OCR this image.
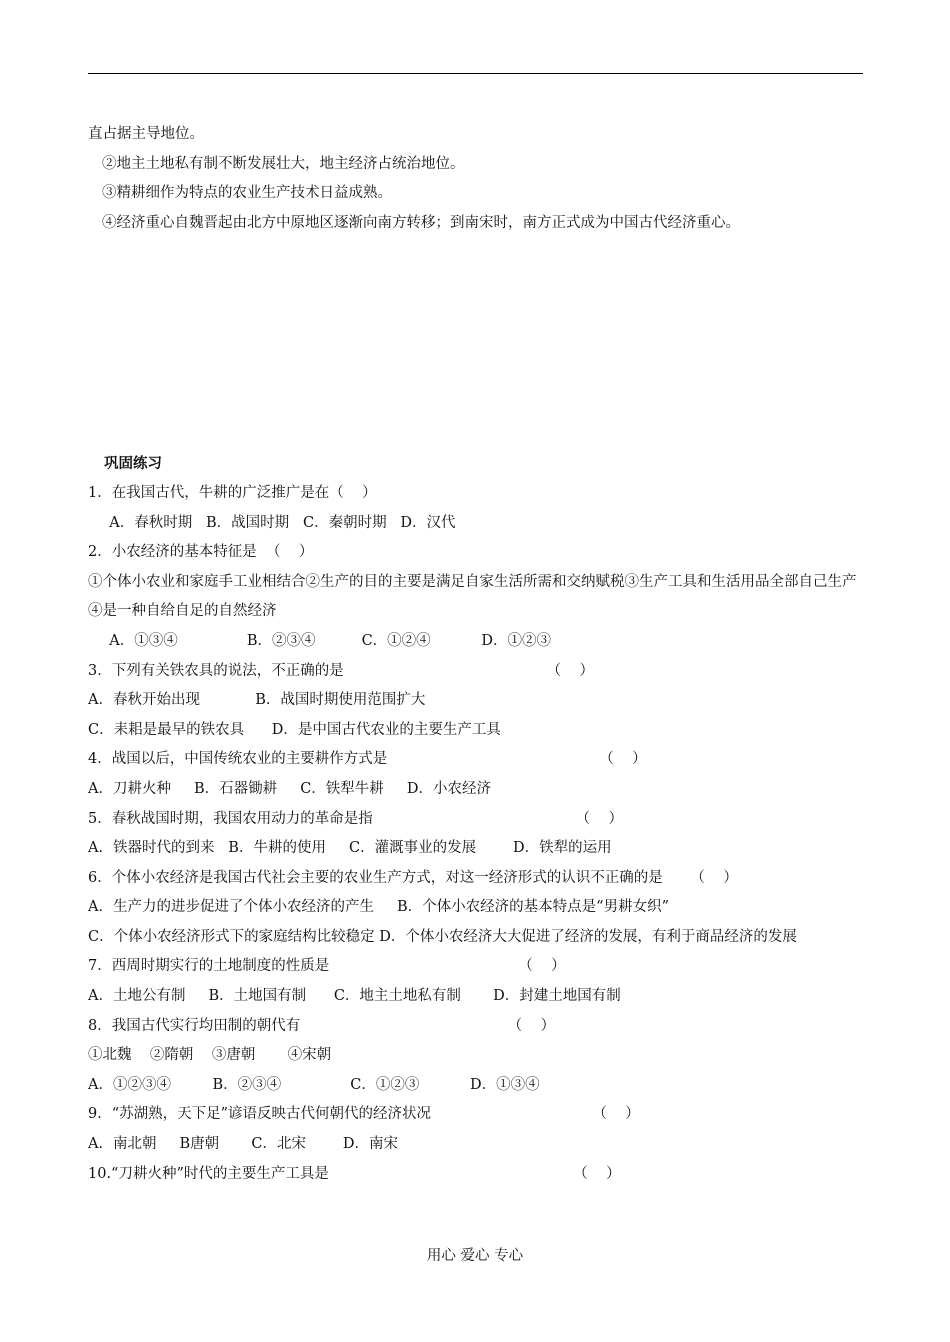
直占据主导地位。
②地主土地私有制不断发展壮大，地主经济占统治地位。
③精耕细作为特点的农业生产技术日益成熟。
④经济重心自魏晋起由北方中原地区逐渐向南方转移；到南宋时，南方正式成为中国古代经济重心。
巩固练习
1．在我国古代，牛耕的广泛推广是在（    ）
A．春秋时期   B．战国时期   C．秦朝时期   D．汉代
2．小农经济的基本特征是  （    ）
①个体小农业和家庭手工业相结合②生产的目的主要是满足自家生活所需和交纳赋税③生产工具和生活用品全部自己生产 ④是一种自给自足的自然经济
A．①③④               B．②③④          C．①②④           D．①②③
3．下列有关铁农具的说法，不正确的是                                            （    ）
A．春秋开始出现            B．战国时期使用范围扩大
C．耒耜是最早的铁农具      D．是中国古代农业的主要生产工具
4．战国以后，中国传统农业的主要耕作方式是                                              （    ）
A．刀耕火种     B．石器锄耕     C．铁犁牛耕     D．小农经济
5．春秋战国时期，我国农用动力的革命是指                                            （    ）
A．铁器时代的到来   B．牛耕的使用     C．灌溉事业的发展        D．铁犁的运用
6．个体小农经济是我国古代社会主要的农业生产方式，对这一经济形式的认识不正确的是      （    ）
A．生产力的进步促进了个体小农经济的产生     B．个体小农经济的基本特点是“男耕女织”
C．个体小农经济形式下的家庭结构比较稳定 D．个体小农经济大大促进了经济的发展，有利于商品经济的发展
7．西周时期实行的土地制度的性质是                                         （    ）
A．土地公有制     B．土地国有制      C．地主土地私有制       D．封建土地国有制
8．我国古代实行均田制的朝代有                                             （    ）
①北魏    ②隋朝    ③唐朝       ④宋朝
A．①②③④         B．②③④               C．①②③           D．①③④
9．“苏湖熟，天下足”谚语反映古代何朝代的经济状况                                   （    ）
A．南北朝     B唐朝       C．北宋        D．南宋
10.“刀耕火种”时代的主要生产工具是                                                     （    ）
用心 爱心 专心
